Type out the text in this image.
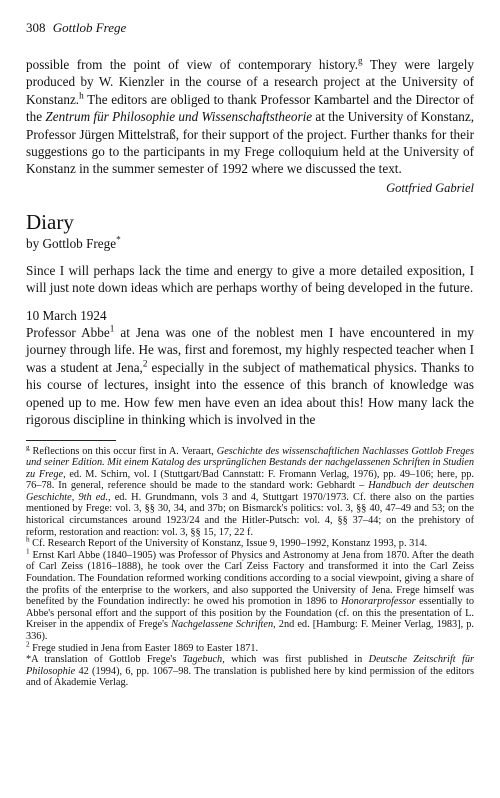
308 Gottlob Frege

possible from the point of view of contemporary history.$^g$ They were largely produced by W. Kienzler in the course of a research project at the University of Konstanz.$^h$ The editors are obliged to thank Professor Kambartel and the Director of the Zentrum für Philosophie und Wissenschaftstheorie at the University of Konstanz, Professor Jürgen Mittelstraß, for their support of the project. Further thanks for their suggestions go to the participants in my Frege colloquium held at the University of Konstanz in the summer semester of 1992 where we discussed the text.

Gottfried Gabriel

Diary
by Gottlob Frege*

Since I will perhaps lack the time and energy to give a more detailed exposition, I will just note down ideas which are perhaps worthy of being developed in the future.

10 March 1924

Professor Abbe$^1$ at Jena was one of the noblest men I have encountered in my journey through life. He was, first and foremost, my highly respected teacher when I was a student at Jena,$^2$ especially in the subject of mathematical physics. Thanks to his course of lectures, insight into the essence of this branch of knowledge was opened up to me. How few men have even an idea about this! How many lack the rigorous discipline in thinking which is involved in the

$^g$ Reflections on this occur first in A. Veraart, Geschichte des wissenschaftlichen Nachlasses Gottlob Freges und seiner Edition. Mit einem Katalog des ursprünglichen Bestands der nachgelassenen Schriften in Studien zu Frege, ed. M. Schirn, vol. I (Stuttgart/Bad Cannstatt: F. Fromann Verlag, 1976), pp. 49–106; here, pp. 76–78. In general, reference should be made to the standard work: Gebhardt – Handbuch der deutschen Geschichte, 9th ed., ed. H. Grundmann, vols 3 and 4, Stuttgart 1970/1973. Cf. there also on the parties mentioned by Frege: vol. 3, §§ 30, 34, and 37b; on Bismarck's politics: vol. 3, §§ 40, 47–49 and 53; on the historical circumstances around 1923/24 and the Hitler-Putsch: vol. 4, §§ 37–44; on the prehistory of reform, restoration and reaction: vol. 3, §§ 15, 17, 22 f.

$^h$ Cf. Research Report of the University of Konstanz, Issue 9, 1990–1992, Konstanz 1993, p. 314.

$^1$ Ernst Karl Abbe (1840–1905) was Professor of Physics and Astronomy at Jena from 1870. After the death of Carl Zeiss (1816–1888), he took over the Carl Zeiss Factory and transformed it into the Carl Zeiss Foundation. The Foundation reformed working conditions according to a social viewpoint, giving a share of the profits of the enterprise to the workers, and also supported the University of Jena. Frege himself was benefited by the Foundation indirectly: he owed his promotion in 1896 to Honorarprofessor essentially to Abbe's personal effort and the support of this position by the Foundation (cf. on this the presentation of L. Kreiser in the appendix of Frege's Nachgelassene Schriften, 2nd ed. [Hamburg: F. Meiner Verlag, 1983], p. 336).

$^2$ Frege studied in Jena from Easter 1869 to Easter 1871.

*A translation of Gottlob Frege's Tagebuch, which was first published in Deutsche Zeitschrift für Philosophie 42 (1994), 6, pp. 1067–98. The translation is published here by kind permission of the editors and of Akademie Verlag.
